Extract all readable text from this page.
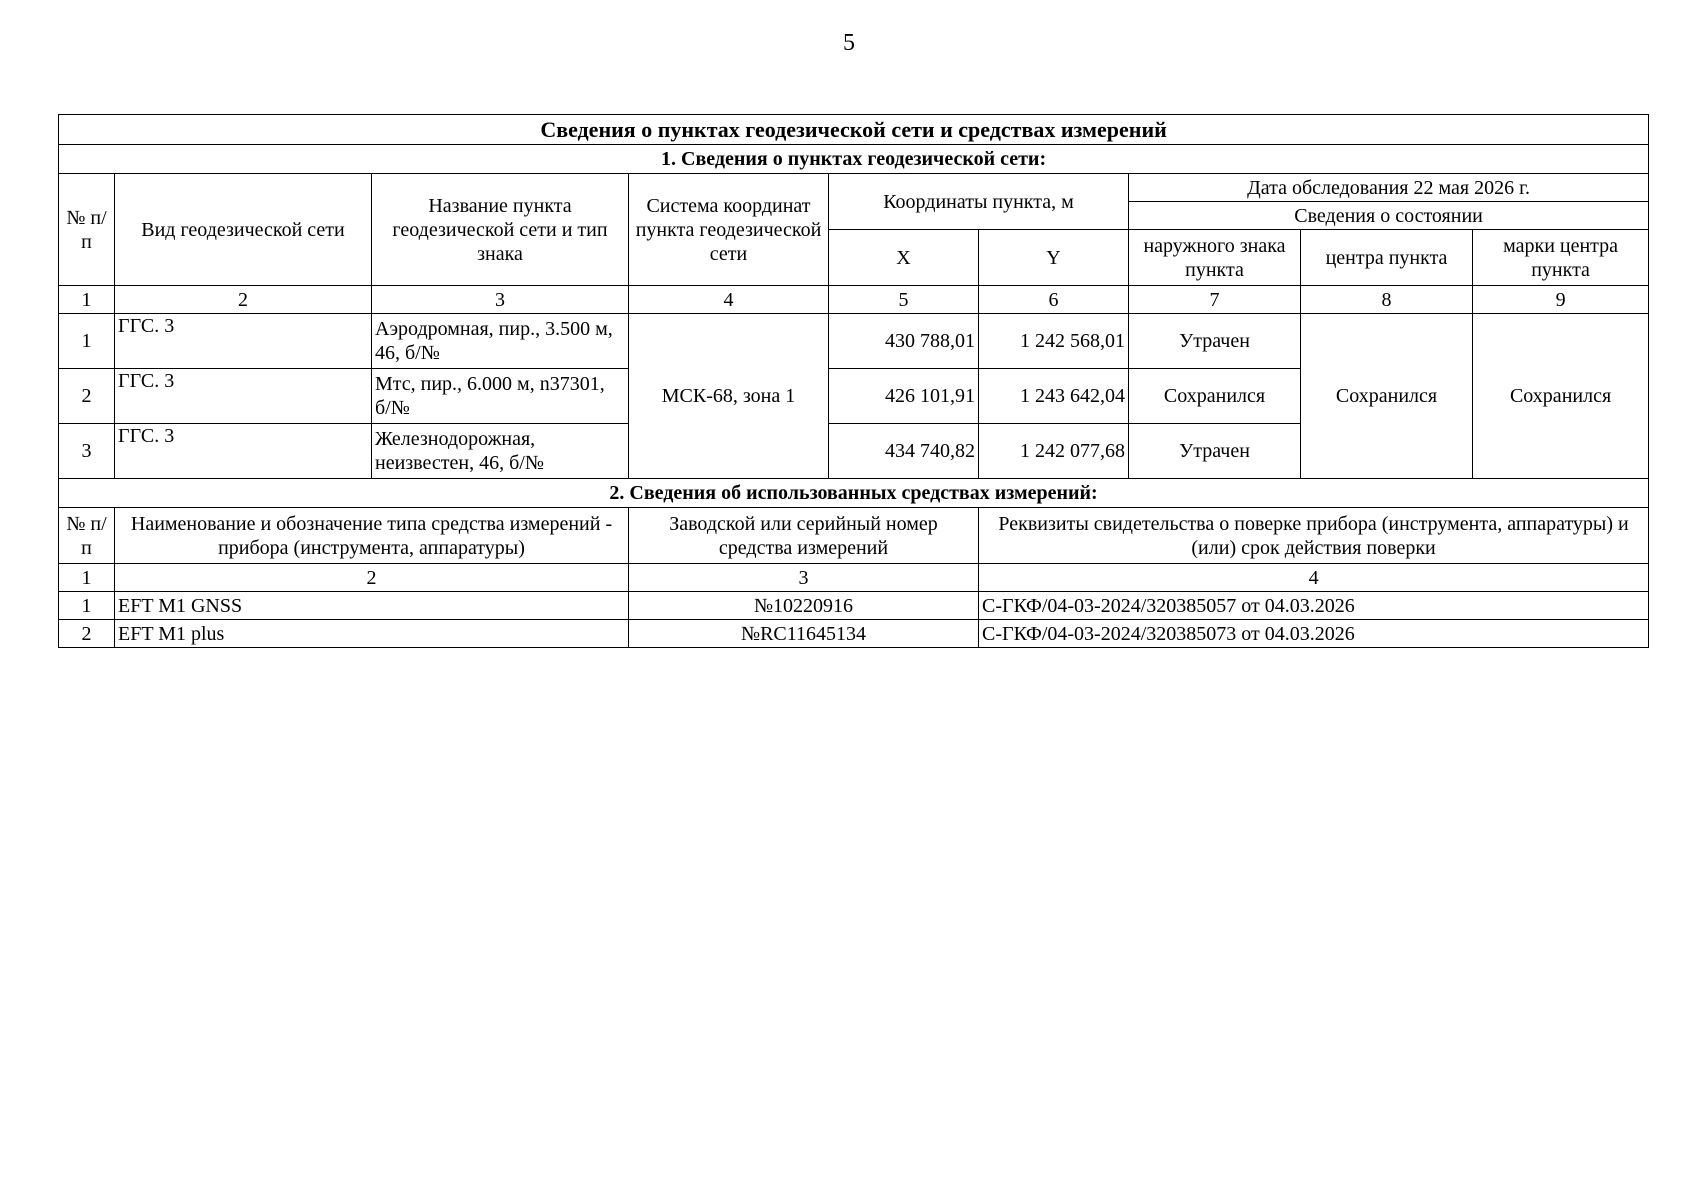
5
Сведения о пунктах геодезической сети и средствах измерений								
1. Сведения о пунктах геодезической сети:								
№ п/п	Вид геодезической сети	Название пункта геодезической сети и тип знака	Система координат пункта геодезической сети	Координаты пункта, м		Дата обследования 22 мая 2026 г.		
						Сведения о состоянии		
				X	Y	наружного знака пункта	центра пункта	марки центра пункта
1	2	3	4	5	6	7	8	9
1	ГГС. 3	Аэродромная, пир., 3.500 м, 46, б/№	МСК-68, зона 1	430 788,01	1 242 568,01	Утрачен	Сохранился	Сохранился
2	ГГС. 3	Мтс, пир., 6.000 м, n37301, б/№		426 101,91	1 243 642,04	Сохранился		
3	ГГС. 3	Железнодорожная, неизвестен, 46, б/№		434 740,82	1 242 077,68	Утрачен		
2. Сведения об использованных средствах измерений:								
№ п/п	Наименование и обозначение типа средства измерений - прибора (инструмента, аппаратуры)		Заводской или серийный номер средства измерений		Реквизиты свидетельства о поверке прибора (инструмента, аппаратуры) и (или) срок действия поверки			
1	2		3		4			
1	EFT M1 GNSS		№10220916		С-ГКФ/04-03-2024/320385057 от 04.03.2026			
2	EFT M1 plus		№RC11645134		С-ГКФ/04-03-2024/320385073 от 04.03.2026			
